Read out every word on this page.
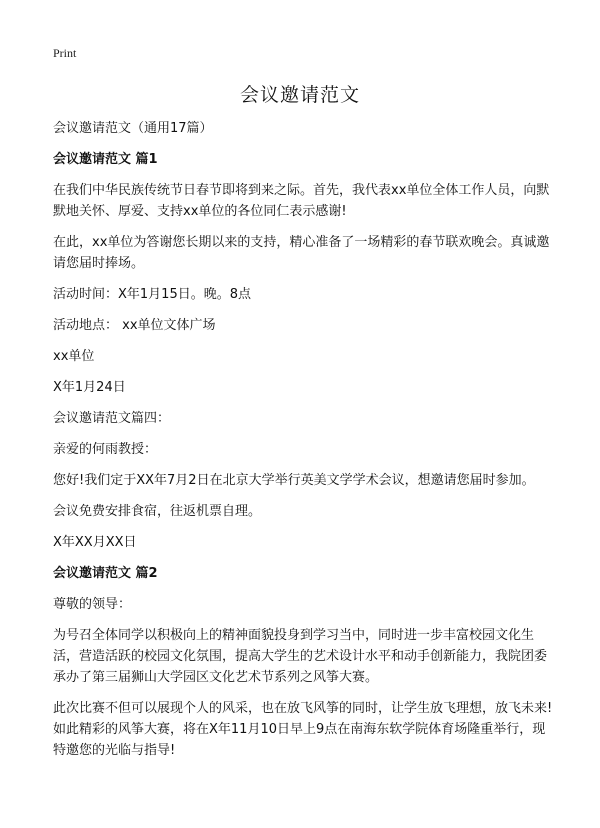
Print
会议邀请范文

会议邀请范文（通用17篇）

会议邀请范文 篇1

在我们中华民族传统节日春节即将到来之际。首先，我代表xx单位全体工作人员，向默默地关怀、厚爱、支持xx单位的各位同仁表示感谢!

在此，xx单位为答谢您长期以来的支持，精心准备了一场精彩的春节联欢晚会。真诚邀请您届时捧场。

活动时间：X年1月15日。晚。8点

活动地点： xx单位文体广场

xx单位

X年1月24日

会议邀请范文篇四：

亲爱的何雨教授：

您好!我们定于XX年7月2日在北京大学举行英美文学学术会议，想邀请您届时参加。

会议免费安排食宿，往返机票自理。

X年XX月XX日

会议邀请范文 篇2

尊敬的领导：

为号召全体同学以积极向上的精神面貌投身到学习当中，同时进一步丰富校园文化生活，营造活跃的校园文化氛围，提高大学生的艺术设计水平和动手创新能力，我院团委承办了第三届狮山大学园区文化艺术节系列之风筝大赛。

此次比赛不但可以展现个人的风采，也在放飞风筝的同时，让学生放飞理想，放飞未来!如此精彩的风筝大赛，将在X年11月10日早上9点在南海东软学院体育场隆重举行，现特邀您的光临与指导!
